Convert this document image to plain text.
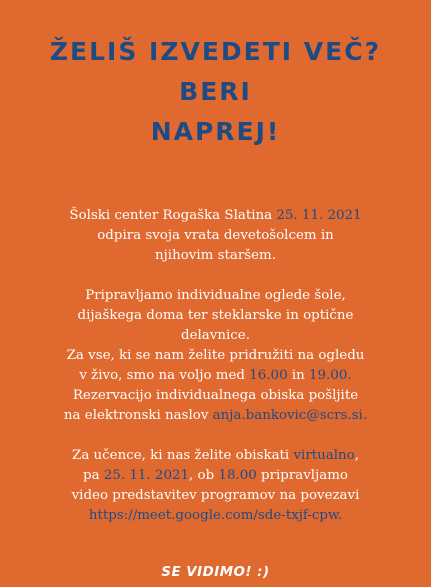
ŽELIŠ IZVEDETI VEČ? BERI
NAPREJ!
Šolski center Rogaška Slatina 25. 11. 2021
odpira svoja vrata devetošolcem in
njihovim staršem.
Pripravljamo individualne oglede šole,
dijaškega doma ter steklarske in optične
delavnice.
Za vse, ki se nam želite pridružiti na ogledu
v živo, smo na voljo med 16.00 in 19.00.
Rezervacijo individualnega obiska pošljite
na elektronski naslov anja.bankovic@scrs.si.
Za učence, ki nas želite obiskati virtualno,
pa 25. 11. 2021, ob 18.00 pripravljamo
video predstavitev programov na povezavi
https://meet.google.com/sde-txjf-cpw.
SE VIDIMO! :)
